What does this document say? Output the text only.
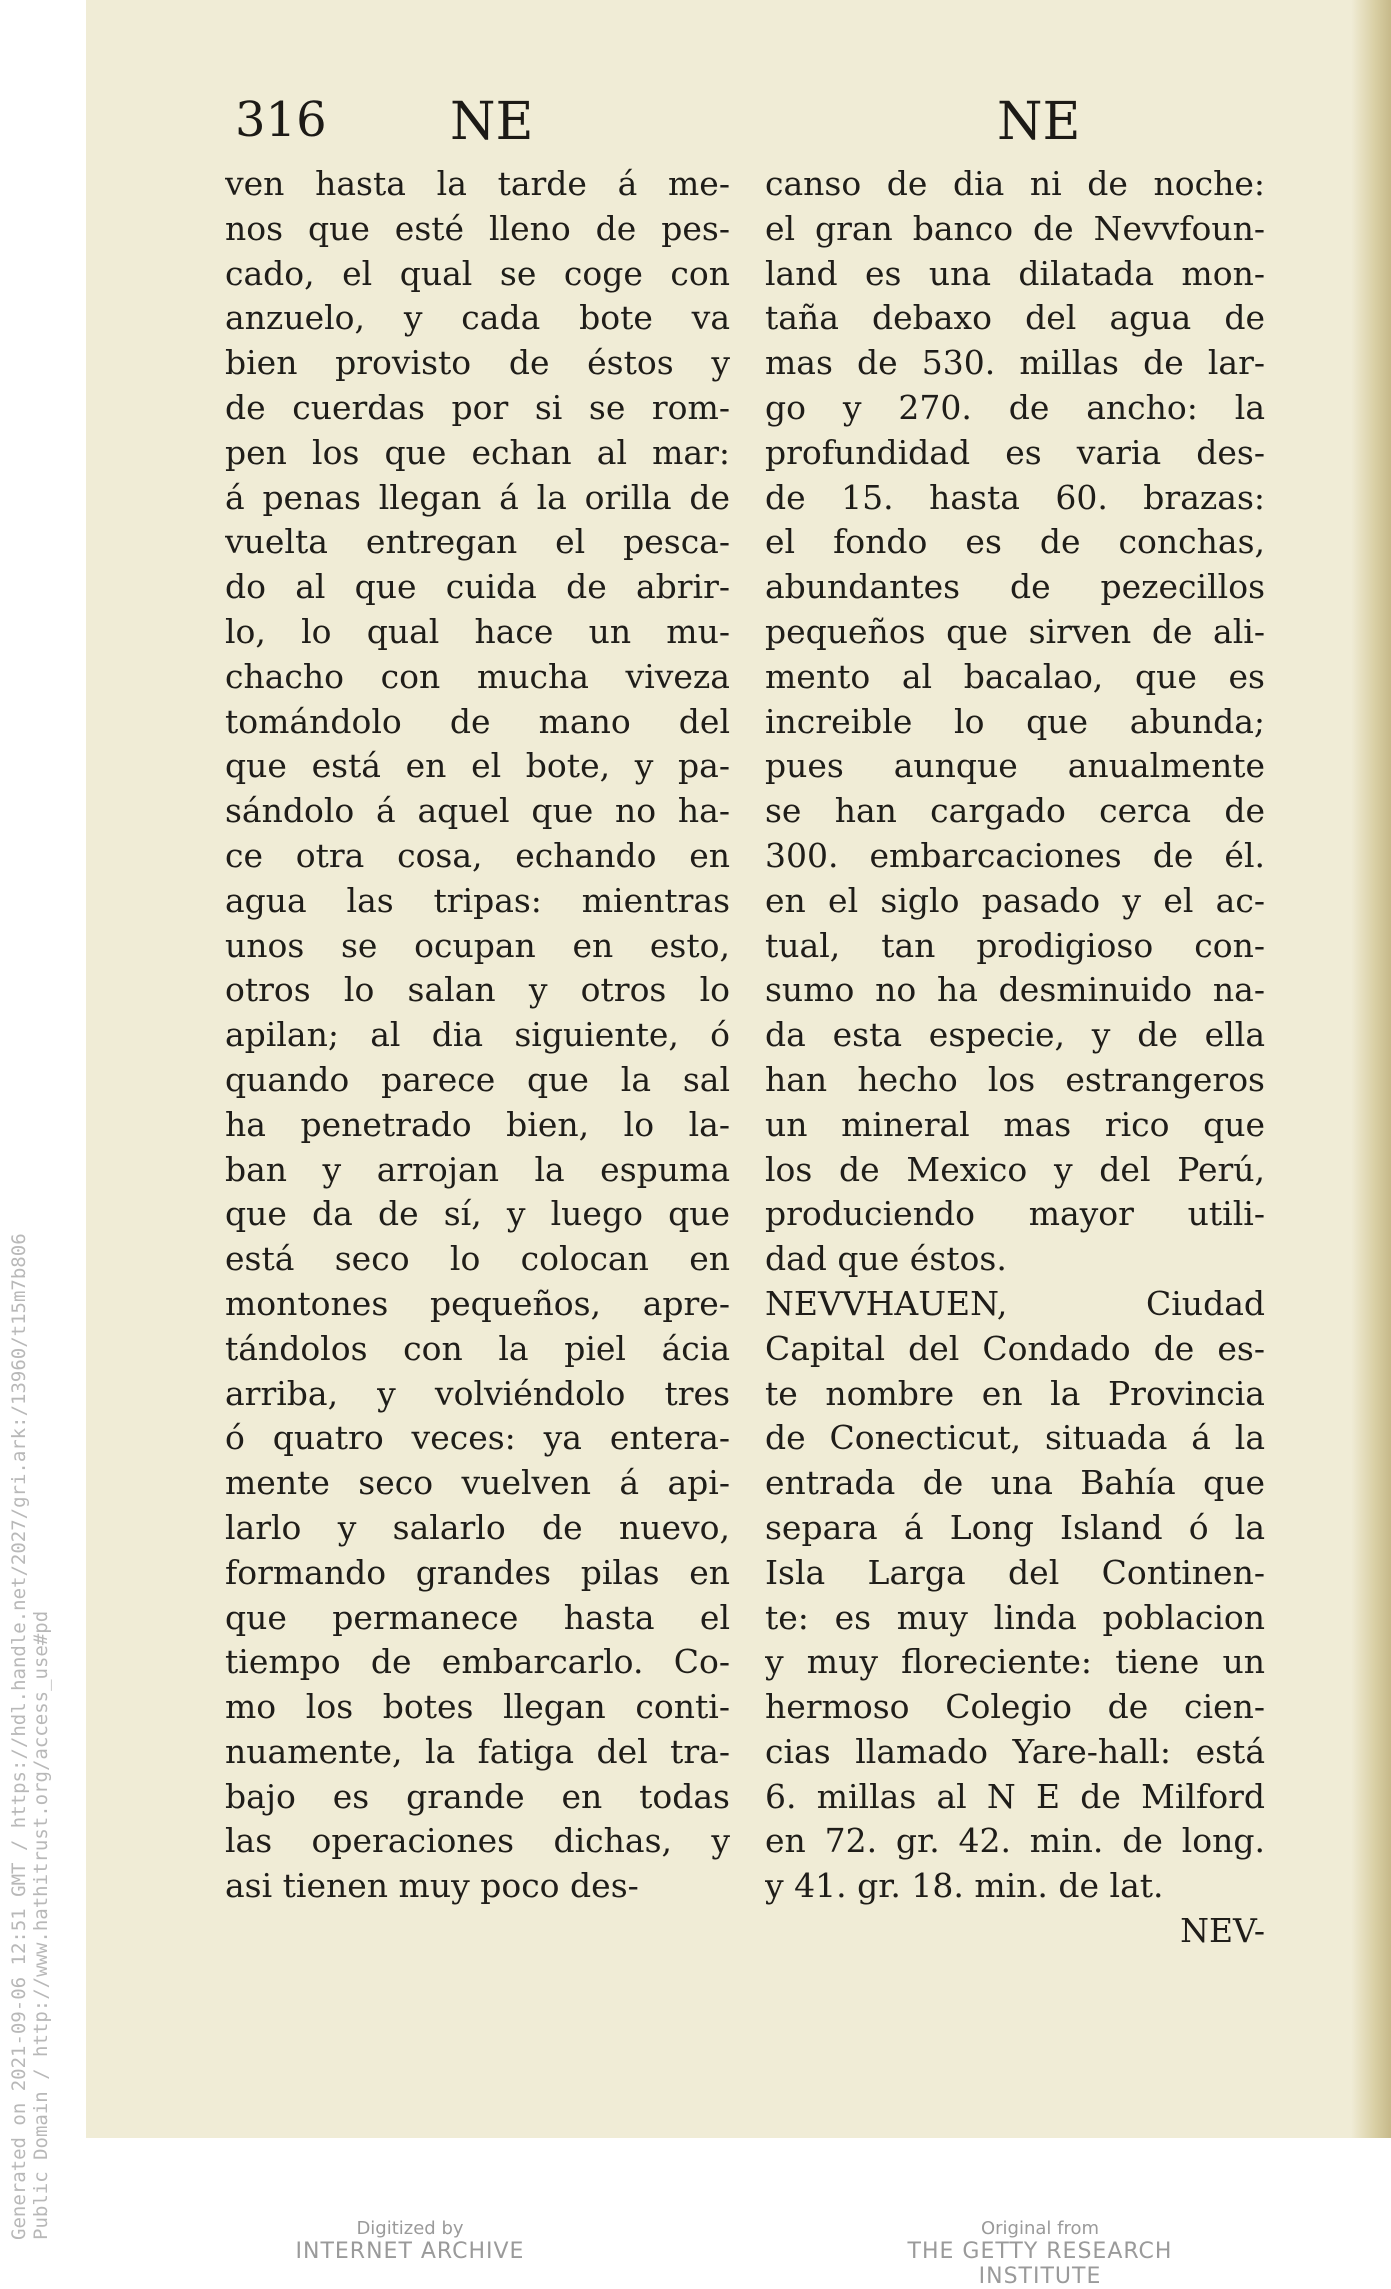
Generated on 2021-09-06 12:51 GMT / https://hdl.handle.net/2027/gri.ark:/13960/t15m7b806 Public Domain / http://www.hathitrust.org/access_use#pd
316 NE	NE
ven hasta la tarde á me-
nos que esté lleno de pes-
cado, el qual se coge con
anzuelo, y cada bote va
bien provisto de éstos y
de cuerdas por si se rom-
pen los que echan al mar:
á penas llegan á la orilla de
vuelta entregan el pesca-
do al que cuida de abrir-
lo, lo qual hace un mu-
chacho con mucha viveza
tomándolo de mano del
que está en el bote, y pa-
sándolo á aquel que no ha-
ce otra cosa, echando en
agua las tripas: mientras
unos se ocupan en esto,
otros lo salan y otros lo
apilan; al dia siguiente, ó
quando parece que la sal
ha penetrado bien, lo la-
ban y arrojan la espuma
que da de sí, y luego que
está seco lo colocan en
montones pequeños, apre-
tándolos con la piel ácia
arriba, y volviéndolo tres
ó quatro veces: ya entera-
mente seco vuelven á api-
larlo y salarlo de nuevo,
formando grandes pilas en
que permanece hasta el
tiempo de embarcarlo. Co-
mo los botes llegan conti-
nuamente, la fatiga del tra-
bajo es grande en todas
las operaciones dichas, y
asi tienen muy poco des-
canso de dia ni de noche:
el gran banco de Nevvfoun-
land es una dilatada mon-
taña debaxo del agua de
mas de 530. millas de lar-
go y 270. de ancho: la
profundidad es varia des-
de 15. hasta 60. brazas:
el fondo es de conchas,
abundantes de pezecillos
pequeños que sirven de ali-
mento al bacalao, que es
increible lo que abunda;
pues aunque anualmente
se han cargado cerca de
300. embarcaciones de él.
en el siglo pasado y el ac-
tual, tan prodigioso con-
sumo no ha desminuido na-
da esta especie, y de ella
han hecho los estrangeros
un mineral mas rico que
los de Mexico y del Perú,
produciendo mayor utili-
dad que éstos.
NEVVHAUEN, Ciudad
Capital del Condado de es-
te nombre en la Provincia
de Conecticut, situada á la
entrada de una Bahía que
separa á Long Island ó la
Isla Larga del Continen-
te: es muy linda poblacion
y muy floreciente: tiene un
hermoso Colegio de cien-
cias llamado Yare-hall: está
6. millas al N E de Milford
en 72. gr. 42. min. de long.
y 41. gr. 18. min. de lat.
NEV-
Digitized by
INTERNET ARCHIVE
Original from
THE GETTY RESEARCH INSTITUTE
